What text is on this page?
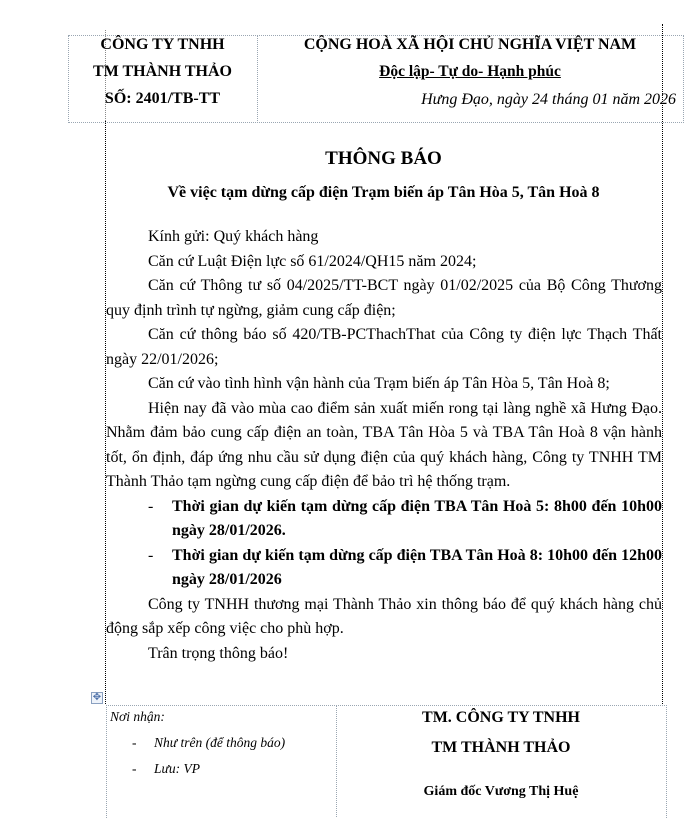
CÔNG TY TNHH
TM THÀNH THẢO
SỐ: 2401/TB-TT
CỘNG HOÀ XÃ HỘI CHỦ NGHĨA VIỆT NAM
Độc lập- Tự do- Hạnh phúc
Hưng Đạo, ngày 24 tháng 01 năm 2026
THÔNG BÁO
Về việc tạm dừng cấp điện Trạm biến áp Tân Hòa 5, Tân Hoà 8

Kính gửi: Quý khách hàng

Căn cứ Luật Điện lực số 61/2024/QH15 năm 2024;

Căn cứ Thông tư số 04/2025/TT-BCT ngày 01/02/2025 của Bộ Công Thương quy định trình tự ngừng, giảm cung cấp điện;

Căn cứ thông báo số 420/TB-PCThachThat của Công ty điện lực Thạch Thất ngày 22/01/2026;

Căn cứ vào tình hình vận hành của Trạm biến áp Tân Hòa 5, Tân Hoà 8;

Hiện nay đã vào mùa cao điểm sản xuất miến rong tại làng nghề xã Hưng Đạo. Nhằm đảm bảo cung cấp điện an toàn, TBA Tân Hòa 5 và TBA Tân Hoà 8 vận hành tốt, ổn định, đáp ứng nhu cầu sử dụng điện của quý khách hàng, Công ty TNHH TM Thành Thảo tạm ngừng cung cấp điện để bảo trì hệ thống trạm.

- Thời gian dự kiến tạm dừng cấp điện TBA Tân Hoà 5: 8h00 đến 10h00 ngày 28/01/2026.
- Thời gian dự kiến tạm dừng cấp điện TBA Tân Hoà 8: 10h00 đến 12h00 ngày 28/01/2026

Công ty TNHH thương mại Thành Thảo xin thông báo để quý khách hàng chủ động sắp xếp công việc cho phù hợp.

Trân trọng thông báo!

✥
Nơi nhận:
- Như trên (để thông báo)
- Lưu: VP
TM. CÔNG TY TNHH
TM THÀNH THẢO
Giám đốc Vương Thị Huệ
